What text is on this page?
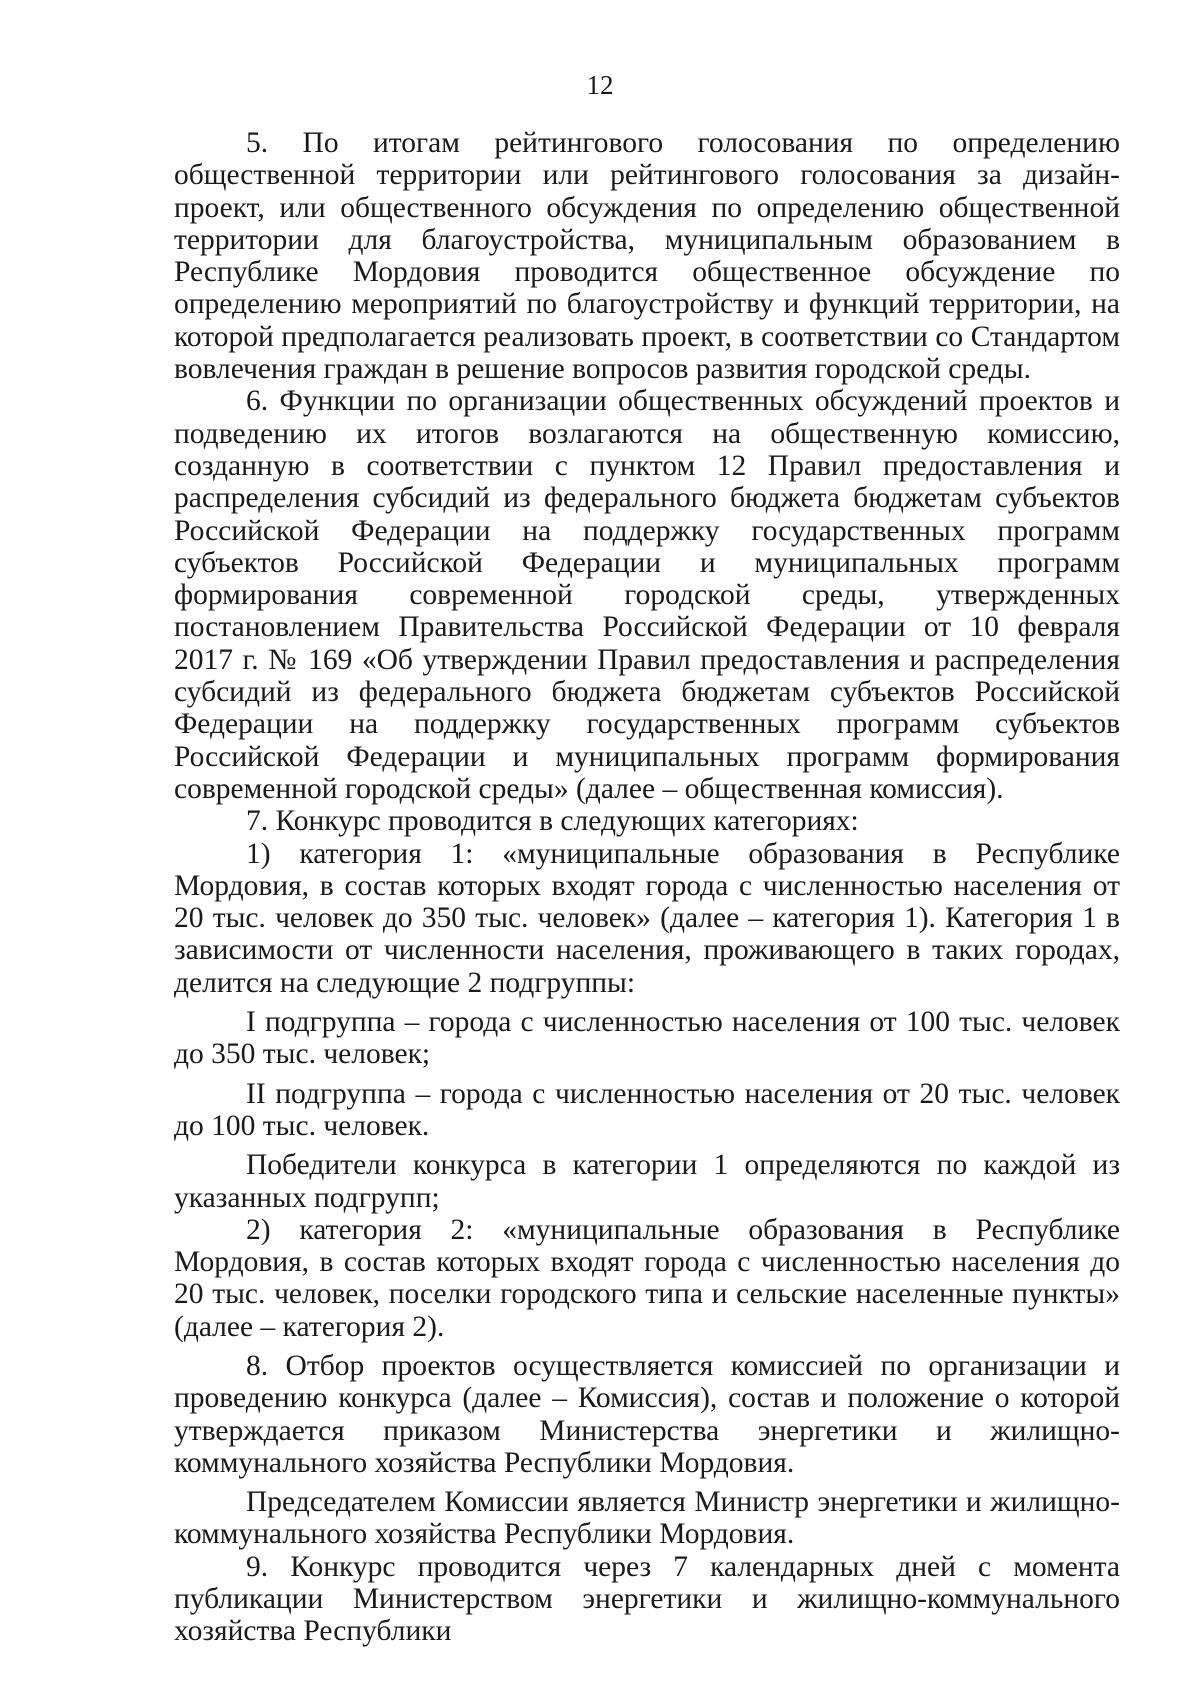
12

5. По итогам рейтингового голосования по определению общественной территории или рейтингового голосования за дизайн-проект, или общественного обсуждения по определению общественной территории для благоустройства, муниципальным образованием в Республике Мордовия проводится общественное обсуждение по определению мероприятий по благоустройству и функций территории, на которой предполагается реализовать проект, в соответствии со Стандартом вовлечения граждан в решение вопросов развития городской среды.

6. Функции по организации общественных обсуждений проектов и подведению их итогов возлагаются на общественную комиссию, созданную в соответствии с пунктом 12 Правил предоставления и распределения субсидий из федерального бюджета бюджетам субъектов Российской Федерации на поддержку государственных программ субъектов Российской Федерации и муниципальных программ формирования современной городской среды, утвержденных постановлением Правительства Российской Федерации от 10 февраля 2017 г. № 169 «Об утверждении Правил предоставления и распределения субсидий из федерального бюджета бюджетам субъектов Российской Федерации на поддержку государственных программ субъектов Российской Федерации и муниципальных программ формирования современной городской среды» (далее – общественная комиссия).

7. Конкурс проводится в следующих категориях:

1) категория 1: «муниципальные образования в Республике Мордовия, в состав которых входят города с численностью населения от 20 тыс. человек до 350 тыс. человек» (далее – категория 1). Категория 1 в зависимости от численности населения, проживающего в таких городах, делится на следующие 2 подгруппы:

I подгруппа – города с численностью населения от 100 тыс. человек до 350 тыс. человек;

II подгруппа – города с численностью населения от 20 тыс. человек до 100 тыс. человек.

Победители конкурса в категории 1 определяются по каждой из указанных подгрупп;

2) категория 2: «муниципальные образования в Республике Мордовия, в состав которых входят города с численностью населения до 20 тыс. человек, поселки городского типа и сельские населенные пункты» (далее – категория 2).

8. Отбор проектов осуществляется комиссией по организации и проведению конкурса (далее – Комиссия), состав и положение о которой утверждается приказом Министерства энергетики и жилищно-коммунального хозяйства Республики Мордовия.

Председателем Комиссии является Министр энергетики и жилищно-коммунального хозяйства Республики Мордовия.

9. Конкурс проводится через 7 календарных дней с момента публикации Министерством энергетики и жилищно-коммунального хозяйства Республики
